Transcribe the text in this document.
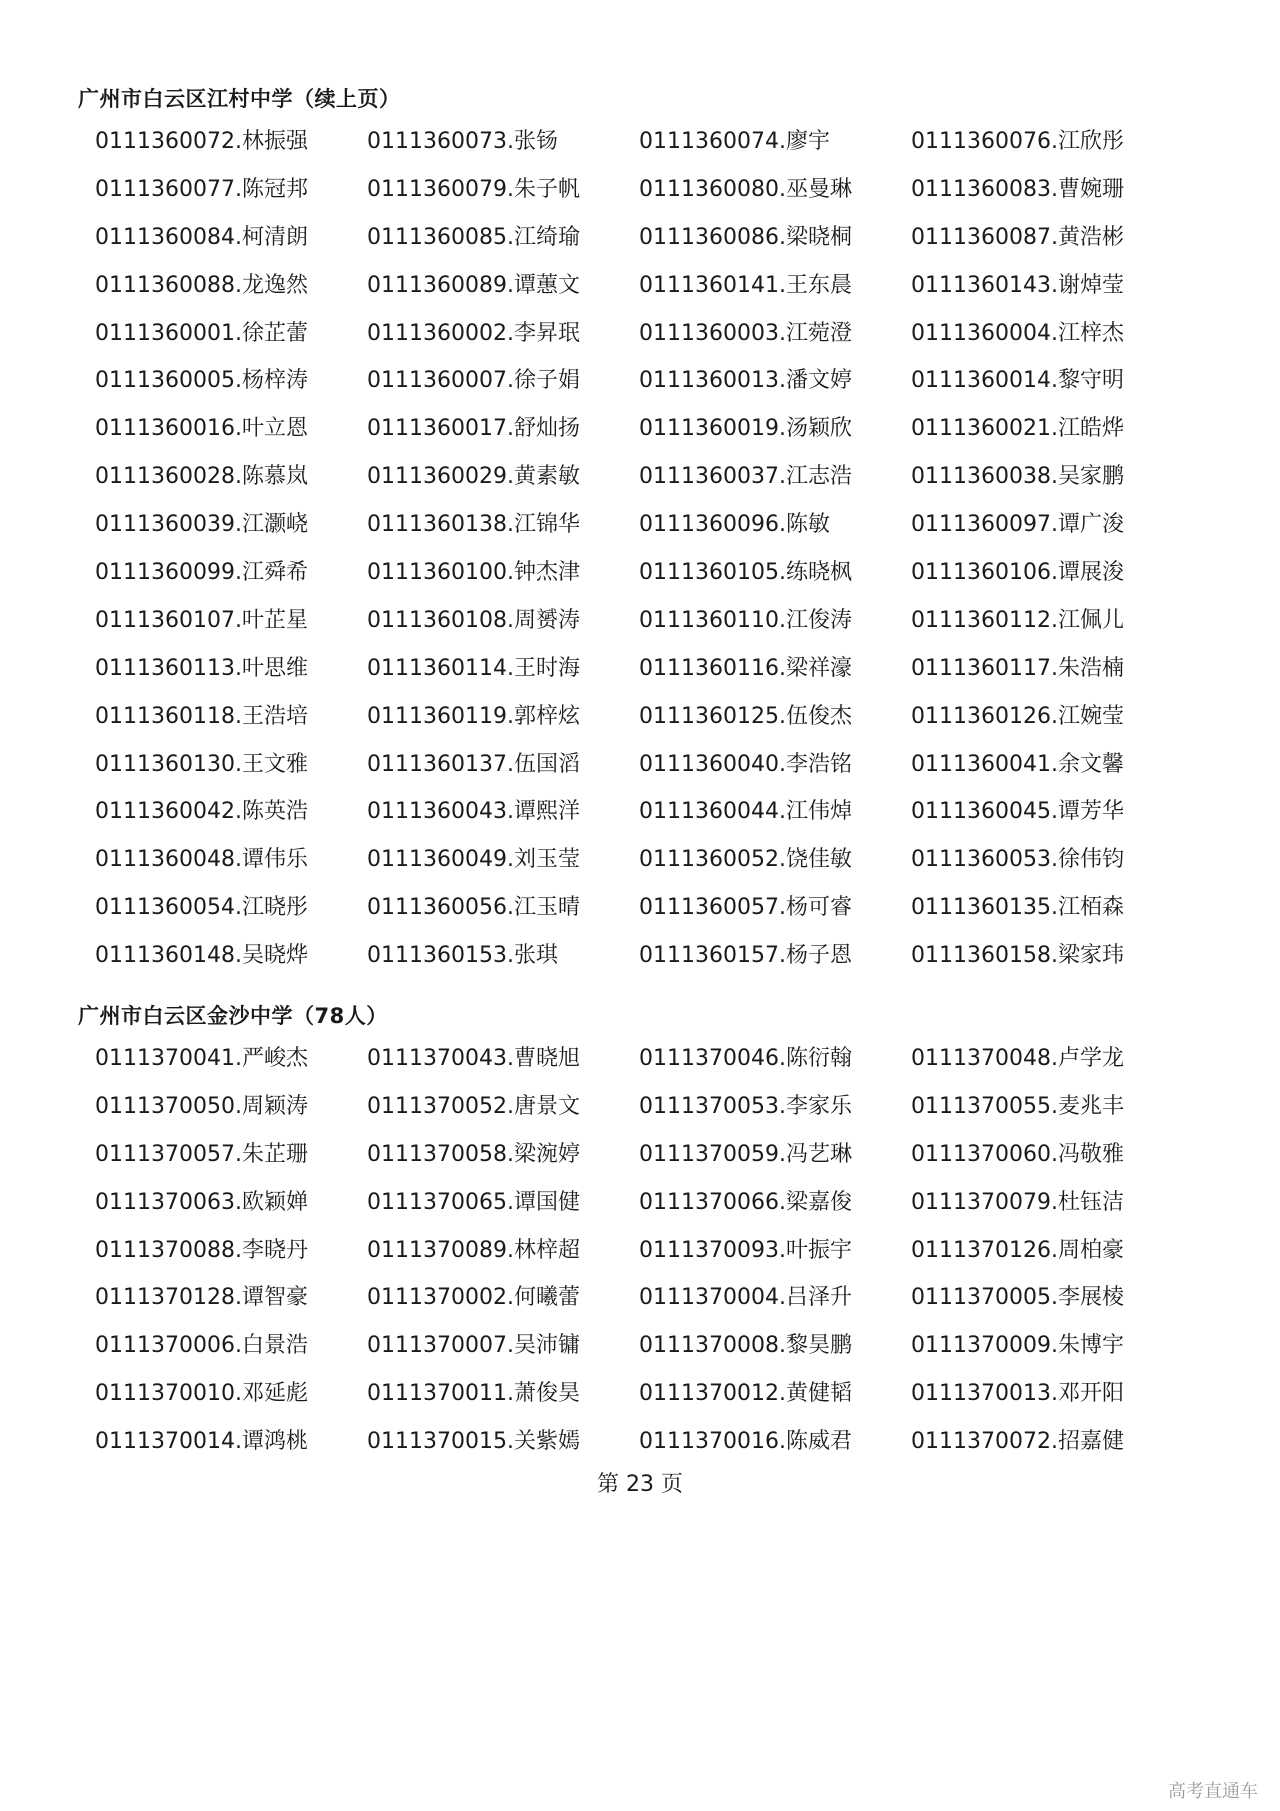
广州市白云区江村中学（续上页）
0111360072.林振强	0111360073.张钖	0111360074.廖宇	0111360076.江欣彤
0111360077.陈冠邦	0111360079.朱子帆	0111360080.巫曼琳	0111360083.曹婉珊
0111360084.柯清朗	0111360085.江绮瑜	0111360086.梁晓桐	0111360087.黄浩彬
0111360088.龙逸然	0111360089.谭蕙文	0111360141.王东晨	0111360143.谢焯莹
0111360001.徐芷蕾	0111360002.李昇珉	0111360003.江菀澄	0111360004.江梓杰
0111360005.杨梓涛	0111360007.徐子娟	0111360013.潘文婷	0111360014.黎守明
0111360016.叶立恩	0111360017.舒灿扬	0111360019.汤颖欣	0111360021.江皓烨
0111360028.陈慕岚	0111360029.黄素敏	0111360037.江志浩	0111360038.吴家鹏
0111360039.江灏峣	0111360138.江锦华	0111360096.陈敏	0111360097.谭广浚
0111360099.江舜希	0111360100.钟杰津	0111360105.练晓枫	0111360106.谭展浚
0111360107.叶芷星	0111360108.周赟涛	0111360110.江俊涛	0111360112.江佩儿
0111360113.叶思维	0111360114.王时海	0111360116.梁祥濠	0111360117.朱浩楠
0111360118.王浩培	0111360119.郭梓炫	0111360125.伍俊杰	0111360126.江婉莹
0111360130.王文雅	0111360137.伍国滔	0111360040.李浩铭	0111360041.余文馨
0111360042.陈英浩	0111360043.谭熙洋	0111360044.江伟焯	0111360045.谭芳华
0111360048.谭伟乐	0111360049.刘玉莹	0111360052.饶佳敏	0111360053.徐伟钧
0111360054.江晓彤	0111360056.江玉晴	0111360057.杨可睿	0111360135.江栢森
0111360148.吴晓烨	0111360153.张琪	0111360157.杨子恩	0111360158.梁家玮
广州市白云区金沙中学（78人）
0111370041.严峻杰	0111370043.曹晓旭	0111370046.陈衍翰	0111370048.卢学龙
0111370050.周颖涛	0111370052.唐景文	0111370053.李家乐	0111370055.麦兆丰
0111370057.朱芷珊	0111370058.梁涴婷	0111370059.冯艺琳	0111370060.冯敬雅
0111370063.欧颖婵	0111370065.谭国健	0111370066.梁嘉俊	0111370079.杜钰洁
0111370088.李晓丹	0111370089.林梓超	0111370093.叶振宇	0111370126.周柏豪
0111370128.谭智豪	0111370002.何曦蕾	0111370004.吕泽升	0111370005.李展棱
0111370006.白景浩	0111370007.吴沛镛	0111370008.黎昊鹏	0111370009.朱博宇
0111370010.邓延彪	0111370011.萧俊昊	0111370012.黄健韬	0111370013.邓开阳
0111370014.谭鸿桃	0111370015.关紫嫣	0111370016.陈威君	0111370072.招嘉健
第 23 页
高考直通车
